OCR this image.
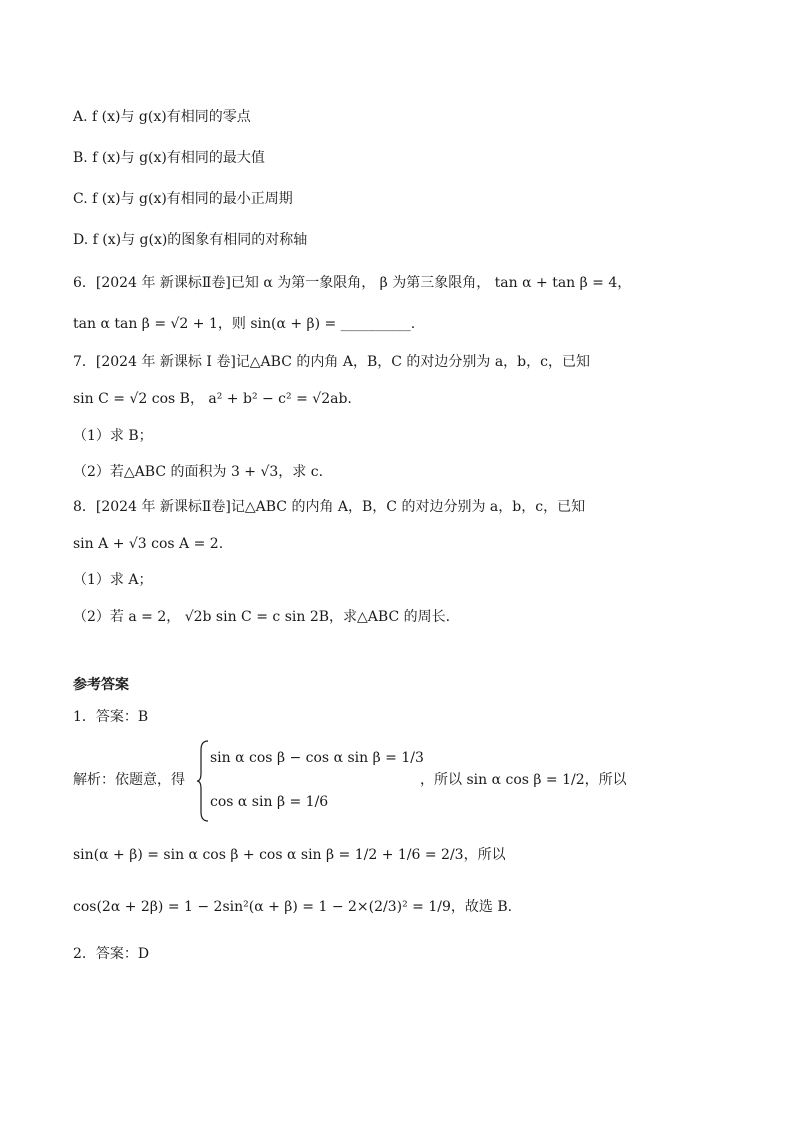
A. f (x)与 g(x)有相同的零点
B. f (x)与 g(x)有相同的最大值
C. f (x)与 g(x)有相同的最小正周期
D. f (x)与 g(x)的图象有相同的对称轴
6．[2024 年 新课标Ⅱ卷]已知 α 为第一象限角， β 为第三象限角， tan α + tan β = 4，
tan α tan β = √2 + 1，则 sin(α + β) = __________.
7．[2024 年 新课标 I 卷]记△ABC 的内角 A，B，C 的对边分别为 a，b，c，已知
sin C = √2 cos B， a² + b² − c² = √2ab.
（1）求 B；
（2）若△ABC 的面积为 3 + √3，求 c.
8．[2024 年 新课标Ⅱ卷]记△ABC 的内角 A，B，C 的对边分别为 a，b，c，已知
sin A + √3 cos A = 2.
（1）求 A；
（2）若 a = 2， √2b sin C = c sin 2B，求△ABC 的周长.
参考答案
1．答案：B
解析：依题意，得
sin α cos β − cos α sin β = 1/3
cos α sin β = 1/6
，所以 sin α cos β = 1/2，所以
sin(α + β) = sin α cos β + cos α sin β = 1/2 + 1/6 = 2/3，所以
cos(2α + 2β) = 1 − 2sin²(α + β) = 1 − 2×(2/3)² = 1/9，故选 B.
2．答案：D
